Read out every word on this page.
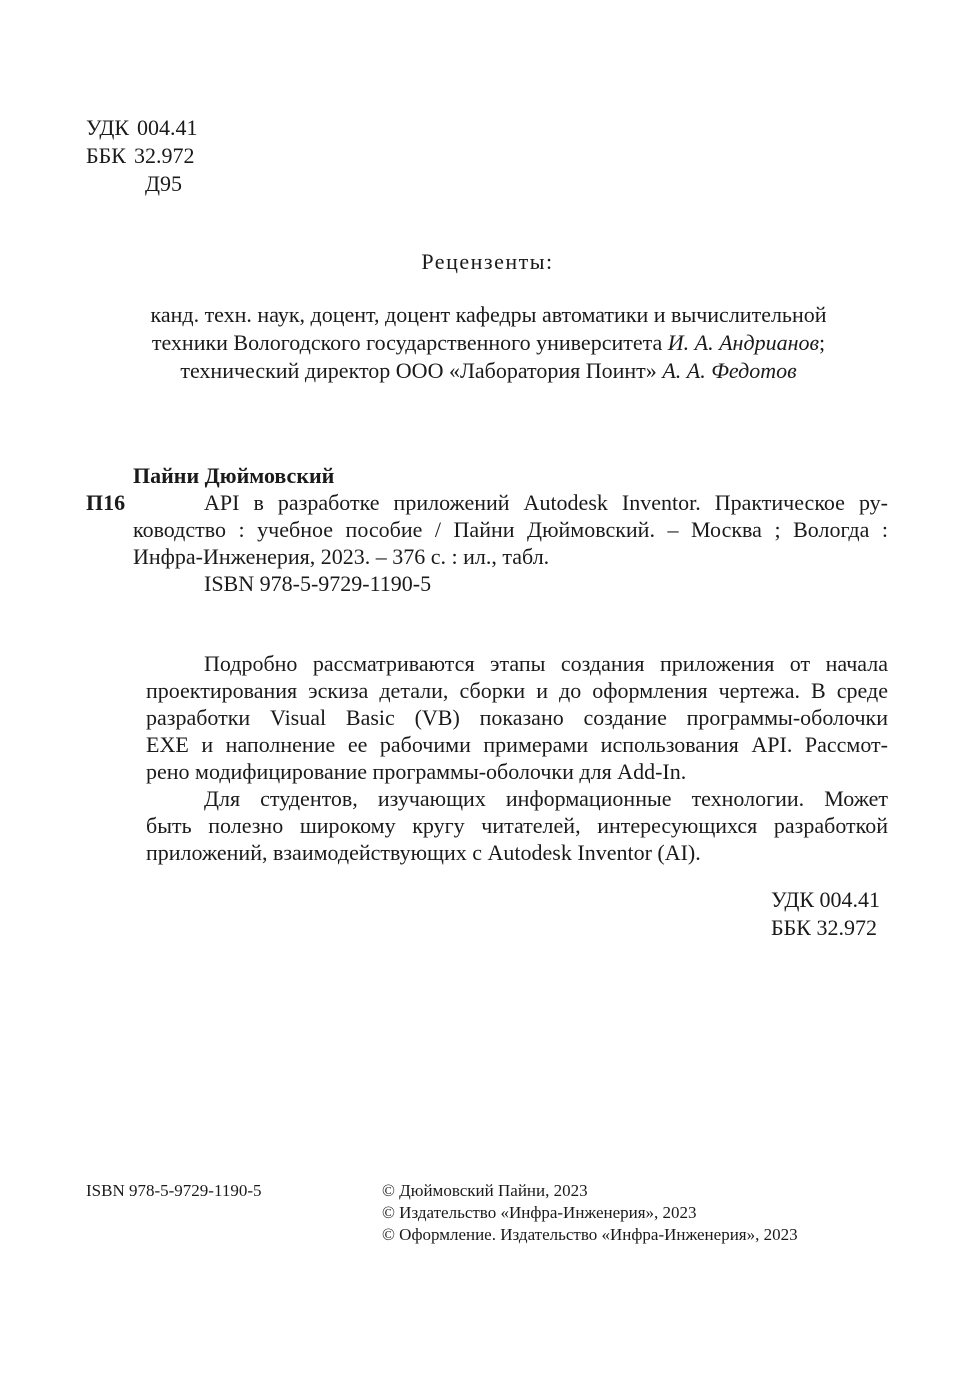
УДК 004.41
ББК 32.972
Д95
Рецензенты:
канд. техн. наук, доцент, доцент кафедры автоматики и вычислительной
техники Вологодского государственного университета И. А. Андрианов;
технический директор ООО «Лаборатория Поинт» А. А. Федотов
Пайни Дюймовский
П16	API в разработке приложений Autodesk Inventor. Практическое ру-
ководство : учебное пособие / Пайни Дюймовский. – Москва ; Вологда :
Инфра-Инженерия, 2023. – 376 с. : ил., табл.
ISBN 978-5-9729-1190-5
Подробно рассматриваются этапы создания приложения от начала
проектирования эскиза детали, сборки и до оформления чертежа. В среде
разработки Visual Basic (VB) показано создание программы-оболочки
EXE и наполнение ее рабочими примерами использования API. Рассмот-
рено модифицирование программы-оболочки для Add-In.
Для студентов, изучающих информационные технологии. Может
быть полезно широкому кругу читателей, интересующихся разработкой
приложений, взаимодействующих с Autodesk Inventor (AI).
УДК 004.41
ББК 32.972
ISBN 978-5-9729-1190-5	© Дюймовский Пайни, 2023
© Издательство «Инфра-Инженерия», 2023
© Оформление. Издательство «Инфра-Инженерия», 2023
